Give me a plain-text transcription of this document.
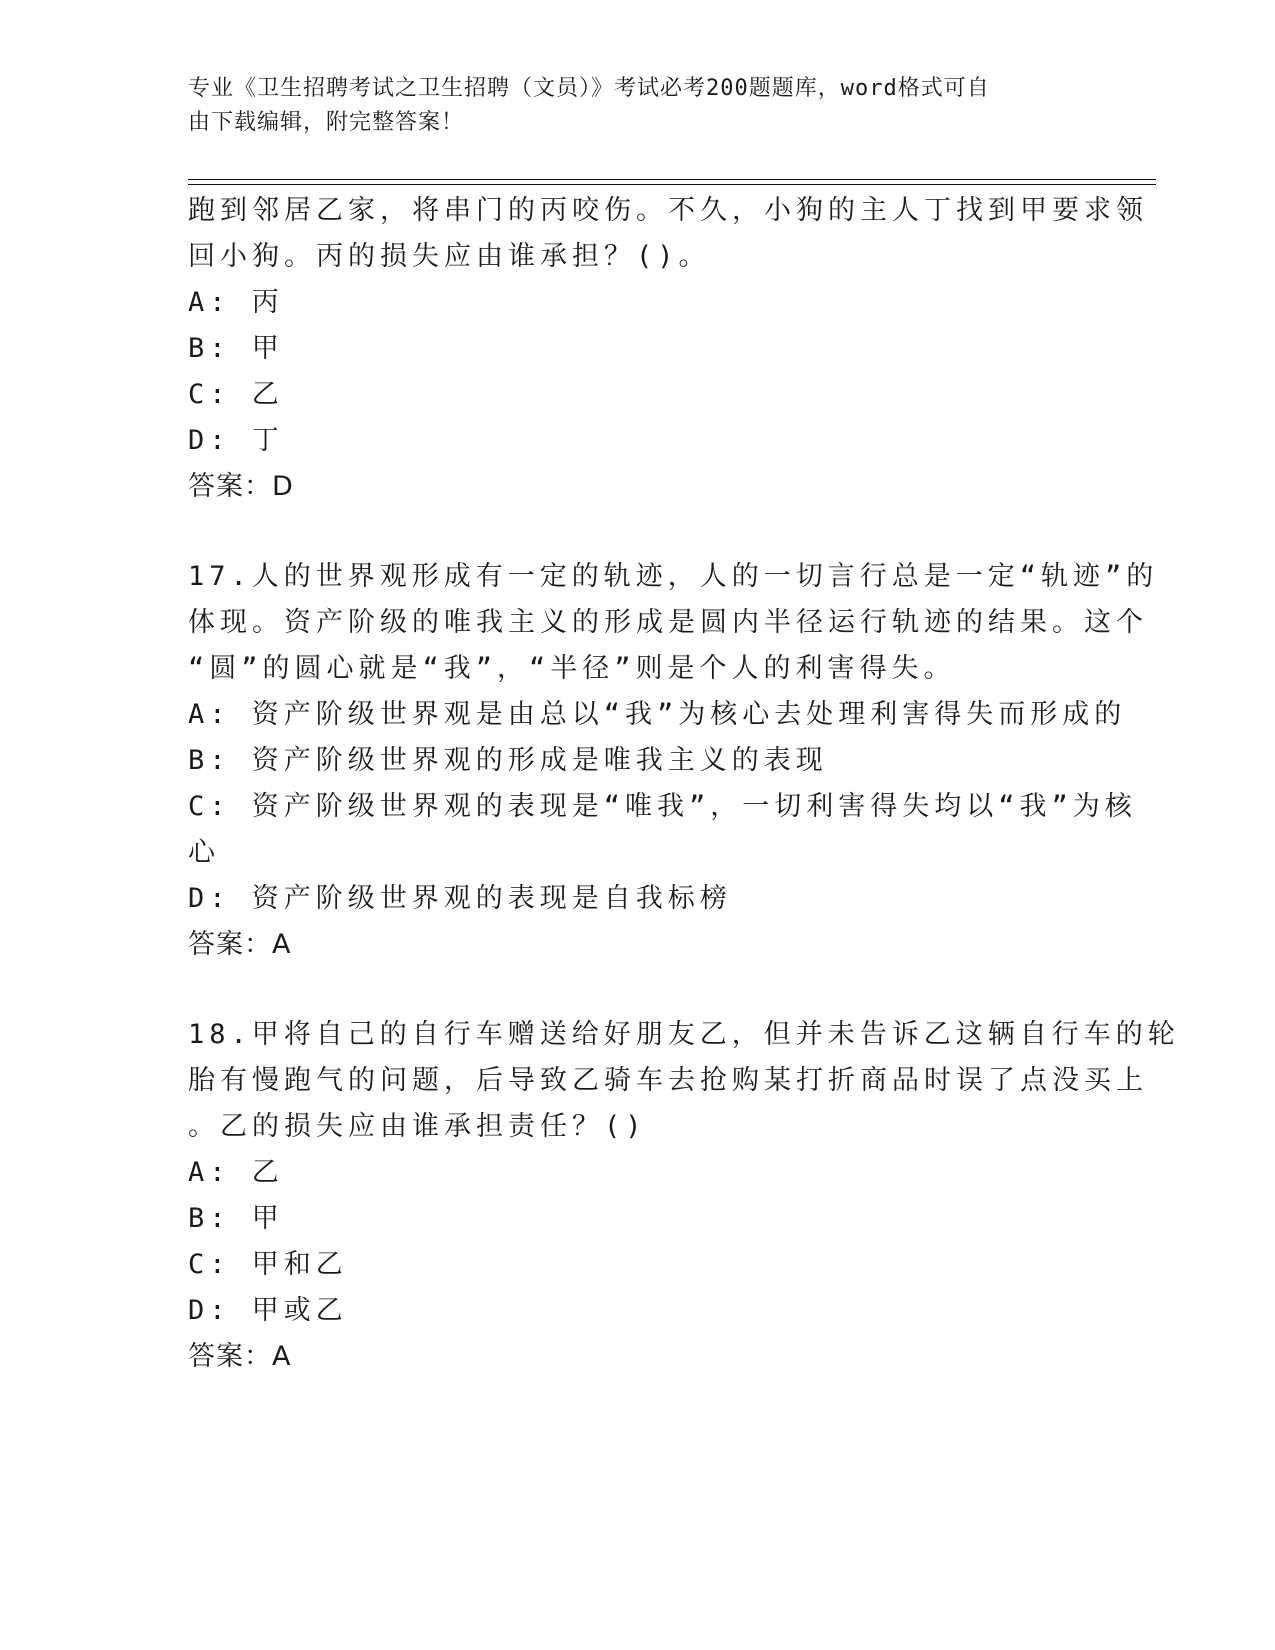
专业《卫生招聘考试之卫生招聘（文员）》考试必考200题题库，word格式可自
由下载编辑，附完整答案！
跑到邻居乙家，将串门的丙咬伤。不久，小狗的主人丁找到甲要求领
回小狗。丙的损失应由谁承担？()。
A: 丙
B: 甲
C: 乙
D: 丁
答案：D
17.人的世界观形成有一定的轨迹，人的一切言行总是一定“轨迹”的
体现。资产阶级的唯我主义的形成是圆内半径运行轨迹的结果。这个
“圆”的圆心就是“我”，“半径”则是个人的利害得失。
A: 资产阶级世界观是由总以“我”为核心去处理利害得失而形成的
B: 资产阶级世界观的形成是唯我主义的表现
C: 资产阶级世界观的表现是“唯我”，一切利害得失均以“我”为核
心
D: 资产阶级世界观的表现是自我标榜
答案：A
18.甲将自己的自行车赠送给好朋友乙，但并未告诉乙这辆自行车的轮
胎有慢跑气的问题，后导致乙骑车去抢购某打折商品时误了点没买上
。乙的损失应由谁承担责任？()
A: 乙
B: 甲
C: 甲和乙
D: 甲或乙
答案：A
